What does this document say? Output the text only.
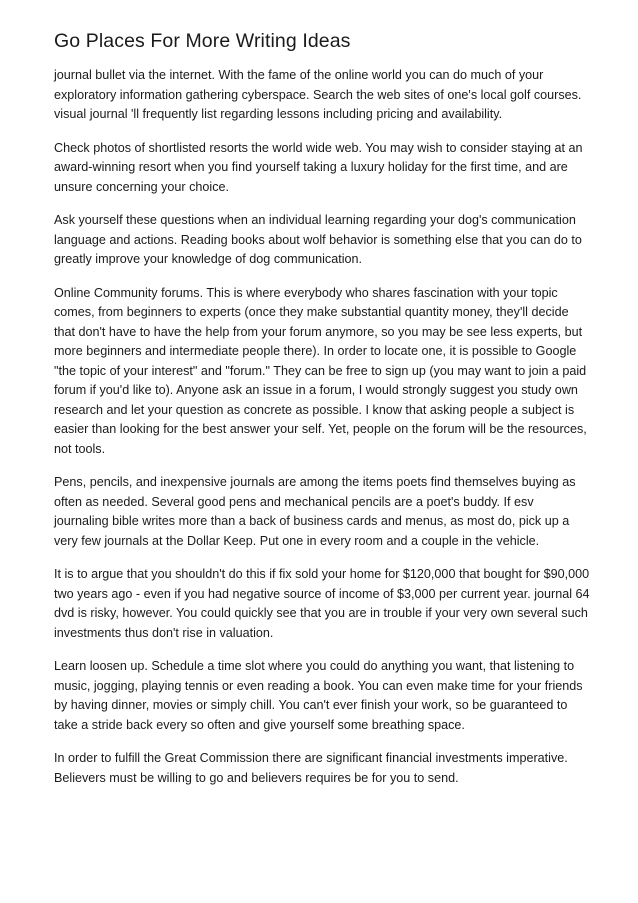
Go Places For More Writing Ideas

journal bullet via the internet. With the fame of the online world you can do much of your exploratory information gathering cyberspace. Search the web sites of one's local golf courses. visual journal 'll frequently list regarding lessons including pricing and availability.

Check photos of shortlisted resorts the world wide web. You may wish to consider staying at an award-winning resort when you find yourself taking a luxury holiday for the first time, and are unsure concerning your choice.

Ask yourself these questions when an individual learning regarding your dog's communication language and actions. Reading books about wolf behavior is something else that you can do to greatly improve your knowledge of dog communication.

Online Community forums. This is where everybody who shares fascination with your topic comes, from beginners to experts (once they make substantial quantity money, they'll decide that don't have to have the help from your forum anymore, so you may be see less experts, but more beginners and intermediate people there). In order to locate one, it is possible to Google "the topic of your interest" and "forum." They can be free to sign up (you may want to join a paid forum if you'd like to). Anyone ask an issue in a forum, I would strongly suggest you study own research and let your question as concrete as possible. I know that asking people a subject is easier than looking for the best answer your self. Yet, people on the forum will be the resources, not tools.

Pens, pencils, and inexpensive journals are among the items poets find themselves buying as often as needed. Several good pens and mechanical pencils are a poet's buddy. If esv journaling bible writes more than a back of business cards and menus, as most do, pick up a very few journals at the Dollar Keep. Put one in every room and a couple in the vehicle.

It is to argue that you shouldn't do this if fix sold your home for $120,000 that bought for $90,000 two years ago - even if you had negative source of income of $3,000 per current year. journal 64 dvd is risky, however. You could quickly see that you are in trouble if your very own several such investments thus don't rise in valuation.

Learn loosen up. Schedule a time slot where you could do anything you want, that listening to music, jogging, playing tennis or even reading a book. You can even make time for your friends by having dinner, movies or simply chill. You can't ever finish your work, so be guaranteed to take a stride back every so often and give yourself some breathing space.

In order to fulfill the Great Commission there are significant financial investments imperative. Believers must be willing to go and believers requires be for you to send.
